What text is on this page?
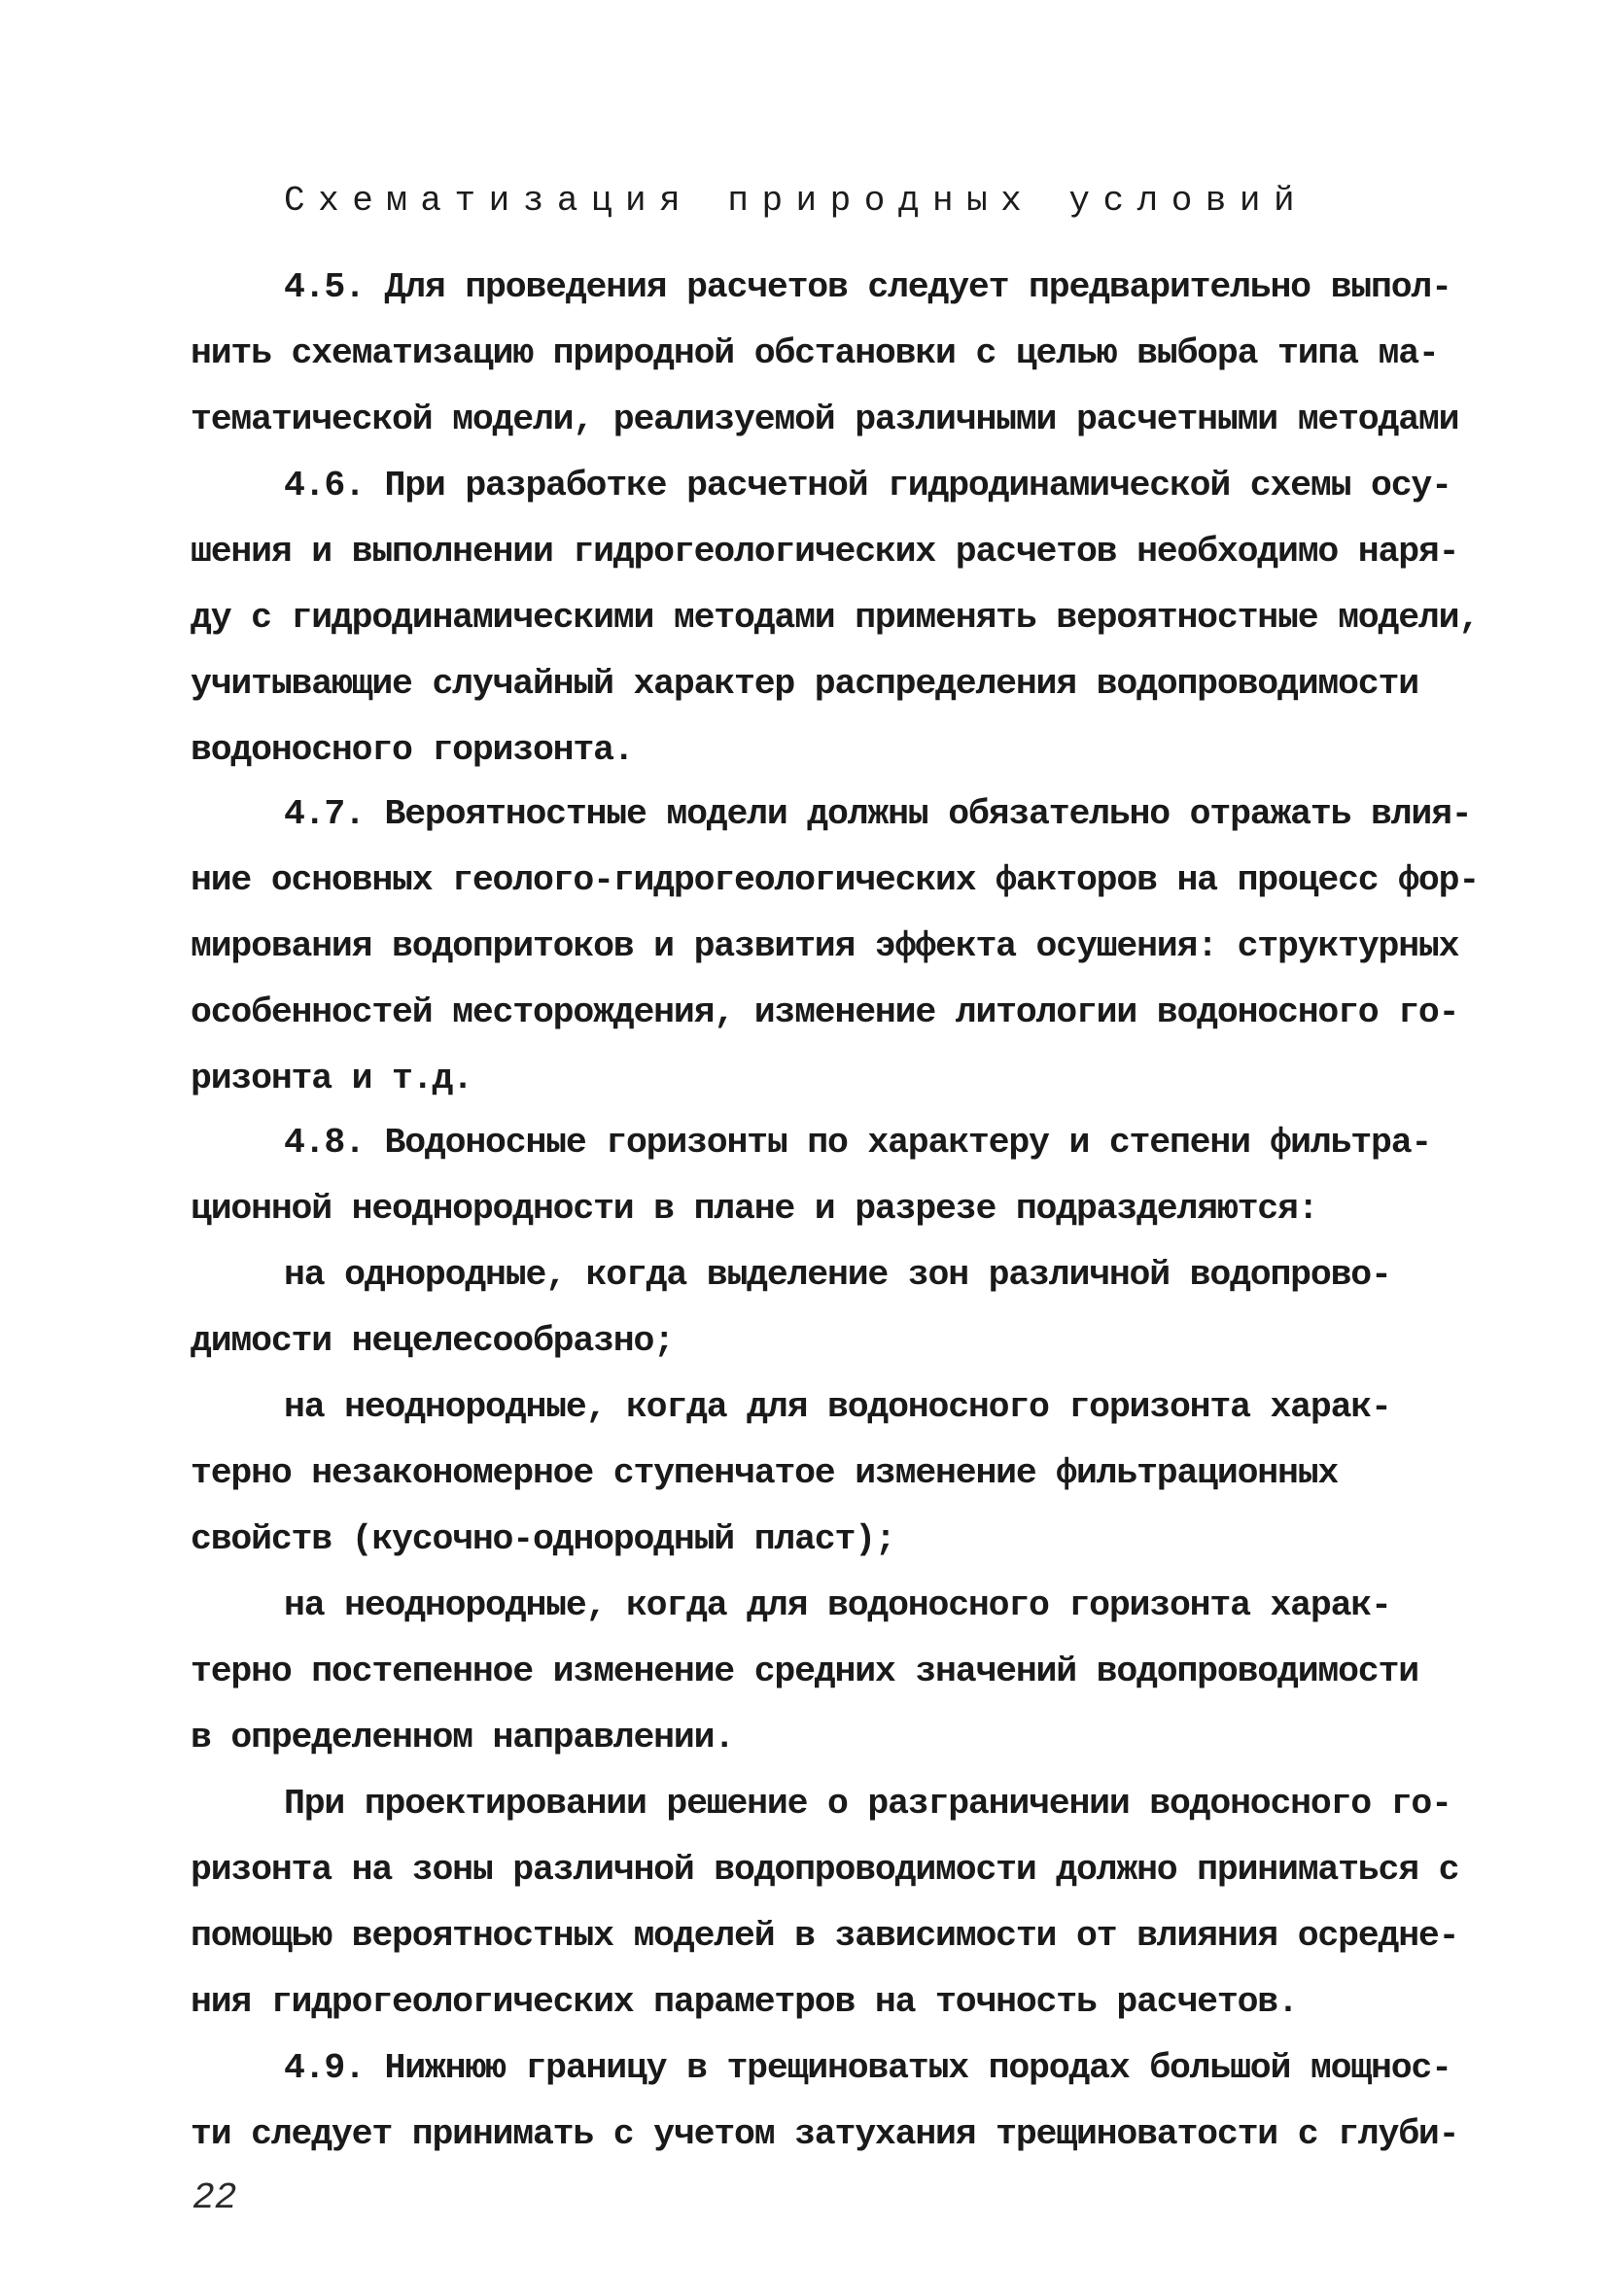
Схематизация природных условий
4.5. Для проведения расчетов следует предварительно выпол-
нить схематизацию природной обстановки с целью выбора типа ма-
тематической модели, реализуемой различными расчетными методами
4.6. При разработке расчетной гидродинамической схемы осу-
шения и выполнении гидрогеологических расчетов необходимо наря-
ду с гидродинамическими методами применять вероятностные модели,
учитывающие случайный характер распределения водопроводимости
водоносного горизонта.
4.7. Вероятностные модели должны обязательно отражать влия-
ние основных геолого-гидрогеологических факторов на процесс фор-
мирования водопритоков и развития эффекта осушения: структурных
особенностей месторождения, изменение литологии водоносного го-
ризонта и т.д.
4.8. Водоносные горизонты по характеру и степени фильтра-
ционной неоднородности в плане и разрезе подразделяются:
на однородные, когда выделение зон различной водопрово-
димости нецелесообразно;
на неоднородные, когда для водоносного горизонта харак-
терно незакономерное ступенчатое изменение фильтрационных
свойств (кусочно-однородный пласт);
на неоднородные, когда для водоносного горизонта харак-
терно постепенное изменение средних значений водопроводимости
в определенном направлении.
При проектировании решение о разграничении водоносного го-
ризонта на зоны различной водопроводимости должно приниматься с
помощью вероятностных моделей в зависимости от влияния осредне-
ния гидрогеологических параметров на точность расчетов.
4.9. Нижнюю границу в трещиноватых породах большой мощнос-
ти следует принимать с учетом затухания трещиноватости с глуби-
22
